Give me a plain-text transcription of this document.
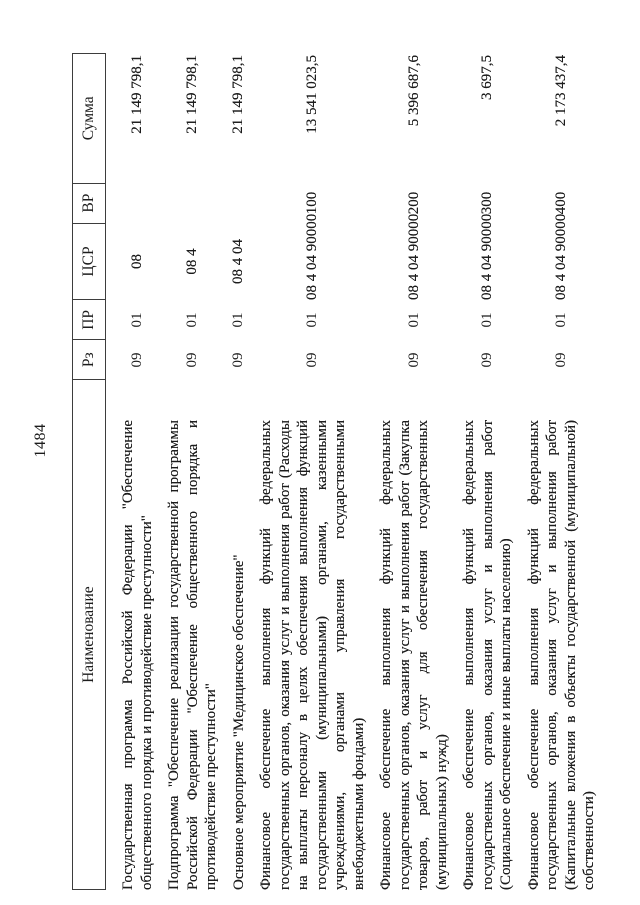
1484
Наименование
Рз
ПР
ЦСР
ВР
Сумма
Государственная программа Российской Федерации "Обеспечение общественного порядка и противодействие преступности"
09
01
08
21 149 798,1
Подпрограмма "Обеспечение реализации государственной программы Российской Федерации "Обеспечение общественного порядка и противодействие преступности"
09
01
08 4
21 149 798,1
Основное мероприятие "Медицинское обеспечение"
09
01
08 4 04
21 149 798,1
Финансовое обеспечение выполнения функций федеральных государственных органов, оказания услуг и выполнения работ (Расходы на выплаты персоналу в целях обеспечения выполнения функций государственными (муниципальными) органами, казенными учреждениями, органами управления государственными внебюджетными фондами)
09
01
08 4 04 90000
100
13 541 023,5
Финансовое обеспечение выполнения функций федеральных государственных органов, оказания услуг и выполнения работ (Закупка товаров, работ и услуг для обеспечения государственных (муниципальных) нужд)
09
01
08 4 04 90000
200
5 396 687,6
Финансовое обеспечение выполнения функций федеральных государственных органов, оказания услуг и выполнения работ (Социальное обеспечение и иные выплаты населению)
09
01
08 4 04 90000
300
3 697,5
Финансовое обеспечение выполнения функций федеральных государственных органов, оказания услуг и выполнения работ (Капитальные вложения в объекты государственной (муниципальной) собственности)
09
01
08 4 04 90000
400
2 173 437,4
